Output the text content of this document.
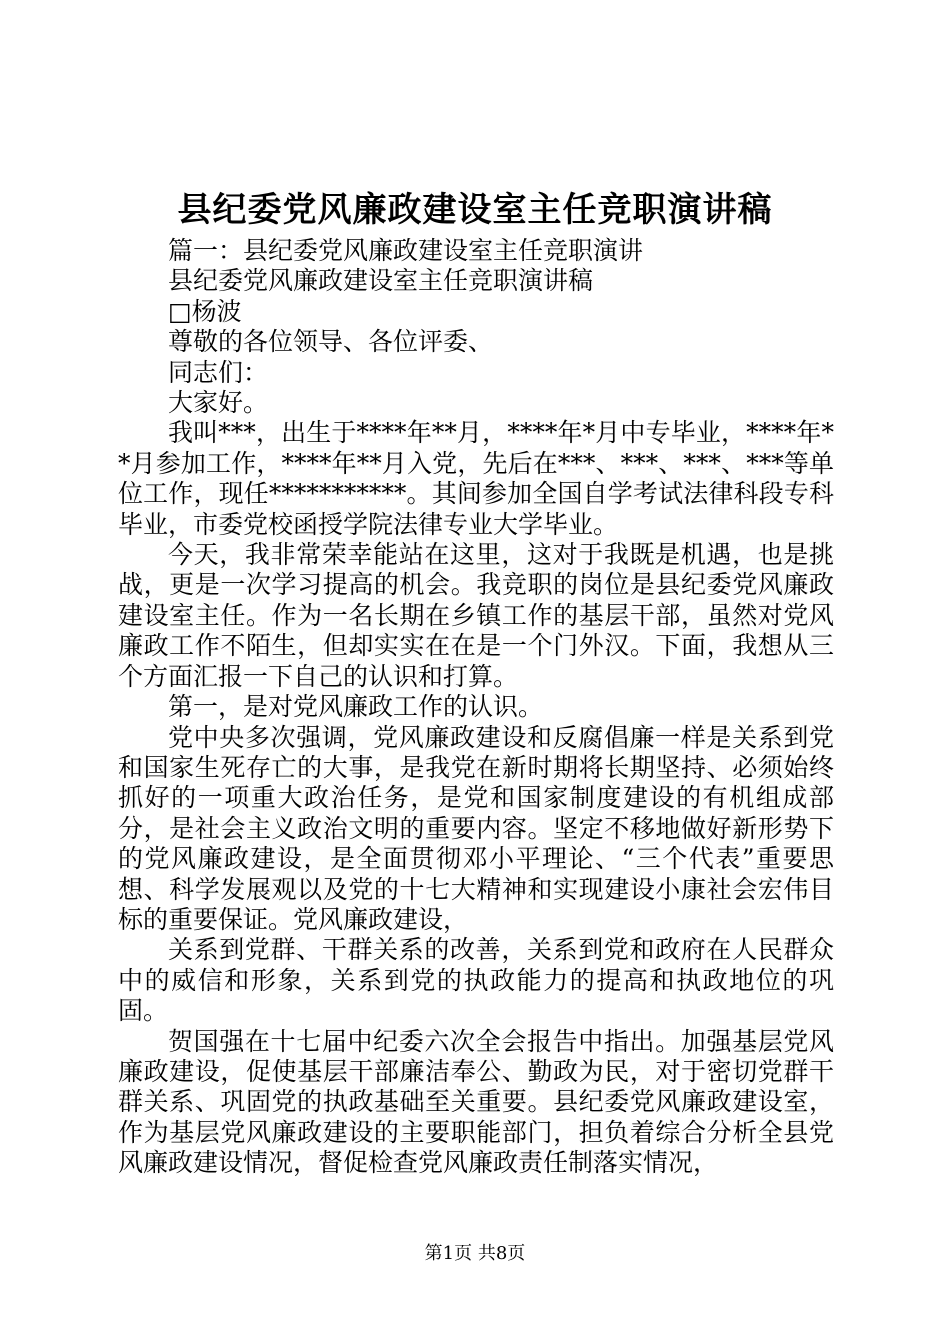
县纪委党风廉政建设室主任竞职演讲稿

篇一：县纪委党风廉政建设室主任竞职演讲

县纪委党风廉政建设室主任竞职演讲稿

□杨波

尊敬的各位领导、各位评委、

同志们：

大家好。

我叫***，出生于****年**月，****年*月中专毕业，****年**月参加工作，****年**月入党，先后在***、***、***、***等单位工作，现任***********。其间参加全国自学考试法律科段专科毕业，市委党校函授学院法律专业大学毕业。

今天，我非常荣幸能站在这里，这对于我既是机遇，也是挑战，更是一次学习提高的机会。我竞职的岗位是县纪委党风廉政建设室主任。作为一名长期在乡镇工作的基层干部，虽然对党风廉政工作不陌生，但却实实在在是一个门外汉。下面，我想从三个方面汇报一下自己的认识和打算。

第一，是对党风廉政工作的认识。

党中央多次强调，党风廉政建设和反腐倡廉一样是关系到党和国家生死存亡的大事，是我党在新时期将长期坚持、必须始终抓好的一项重大政治任务，是党和国家制度建设的有机组成部分，是社会主义政治文明的重要内容。坚定不移地做好新形势下的党风廉政建设，是全面贯彻邓小平理论、“三个代表”重要思想、科学发展观以及党的十七大精神和实现建设小康社会宏伟目标的重要保证。党风廉政建设，

关系到党群、干群关系的改善，关系到党和政府在人民群众中的威信和形象，关系到党的执政能力的提高和执政地位的巩固。

贺国强在十七届中纪委六次全会报告中指出。加强基层党风廉政建设，促使基层干部廉洁奉公、勤政为民，对于密切党群干群关系、巩固党的执政基础至关重要。县纪委党风廉政建设室，作为基层党风廉政建设的主要职能部门，担负着综合分析全县党风廉政建设情况，督促检查党风廉政责任制落实情况，

第1页 共8页
